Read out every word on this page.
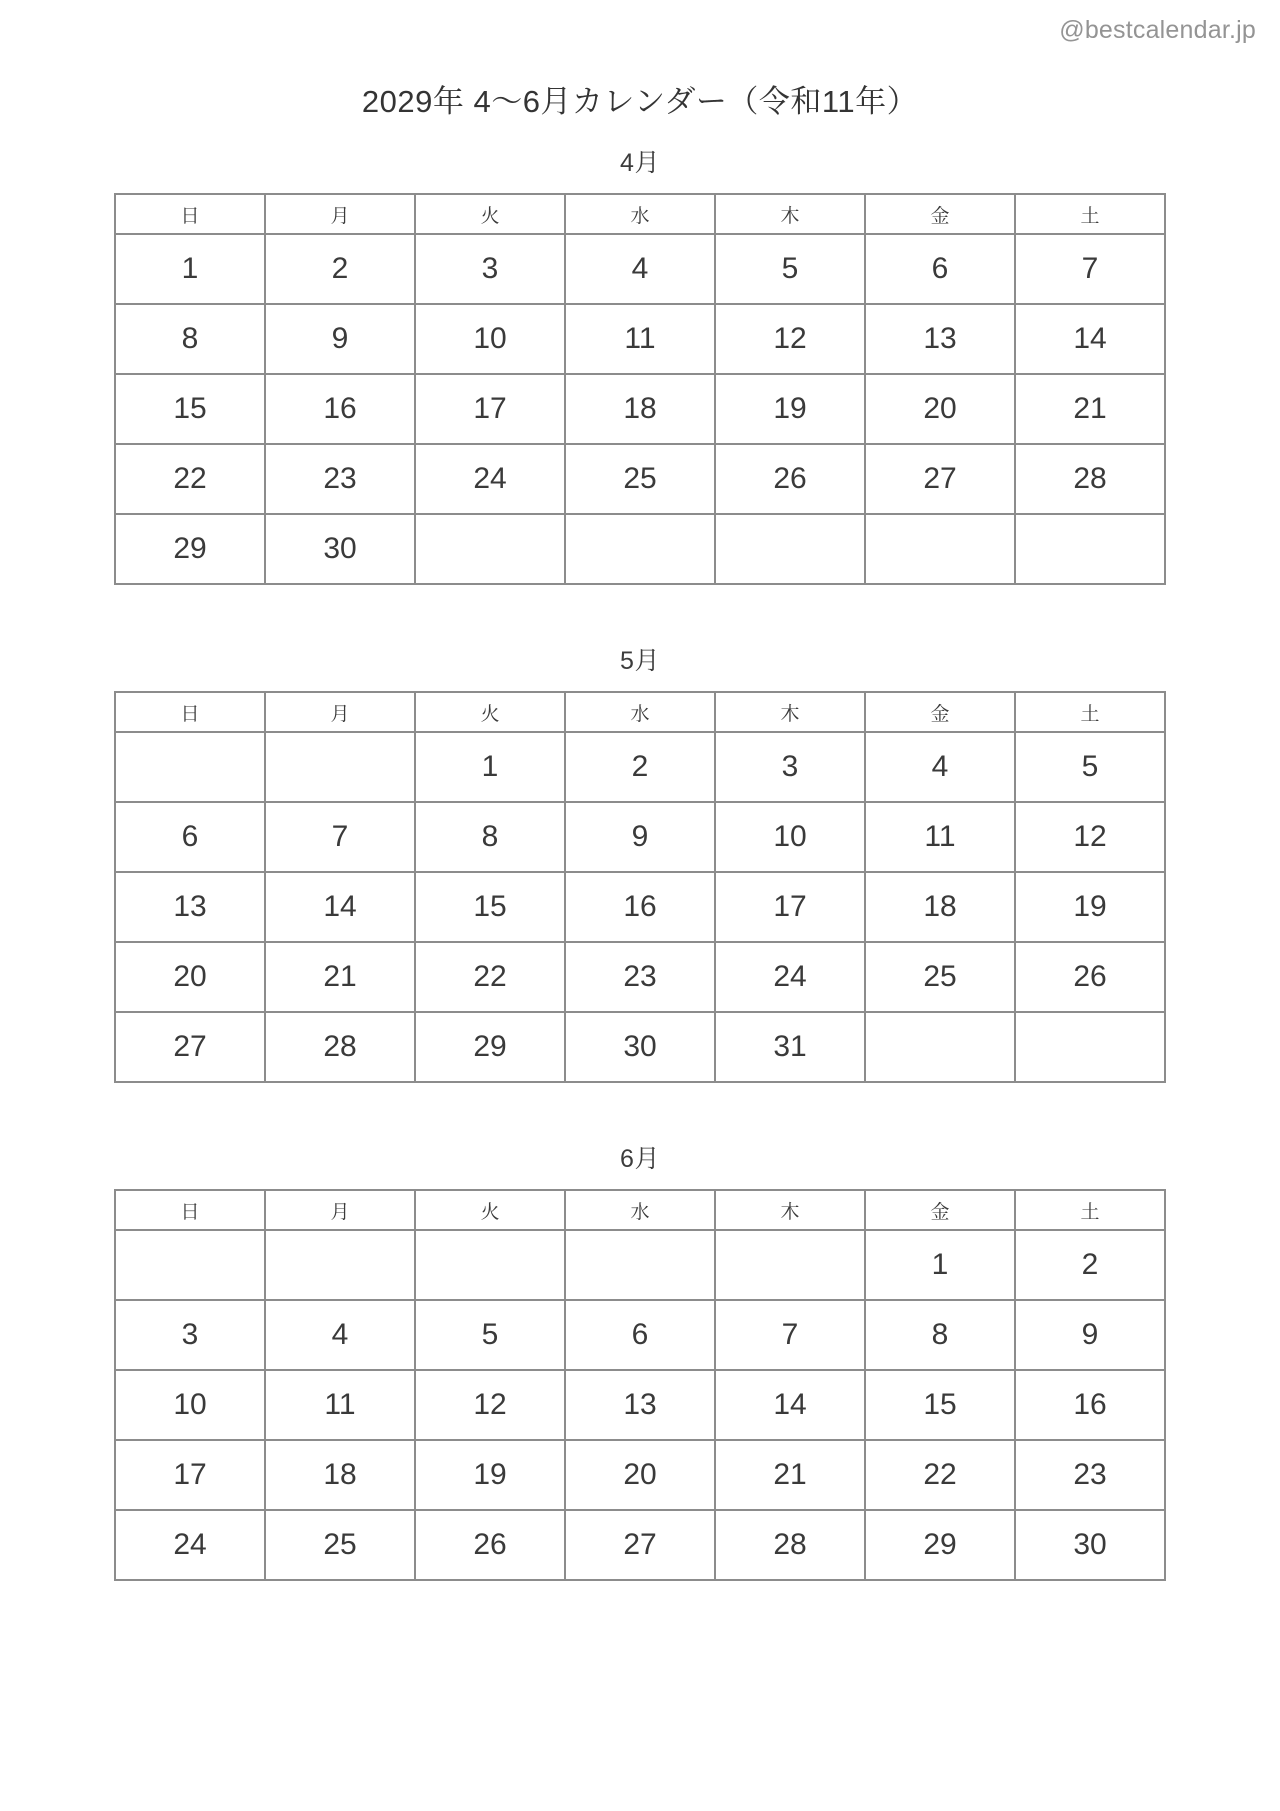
@bestcalendar.jp
2029年 4〜6月カレンダー（令和11年）
4月
日	月	火	水	木	金	土
1	2	3	4	5	6	7
8	9	10	11	12	13	14
15	16	17	18	19	20	21
22	23	24	25	26	27	28
29	30					
5月
日	月	火	水	木	金	土
		1	2	3	4	5
6	7	8	9	10	11	12
13	14	15	16	17	18	19
20	21	22	23	24	25	26
27	28	29	30	31		
6月
日	月	火	水	木	金	土
					1	2
3	4	5	6	7	8	9
10	11	12	13	14	15	16
17	18	19	20	21	22	23
24	25	26	27	28	29	30
